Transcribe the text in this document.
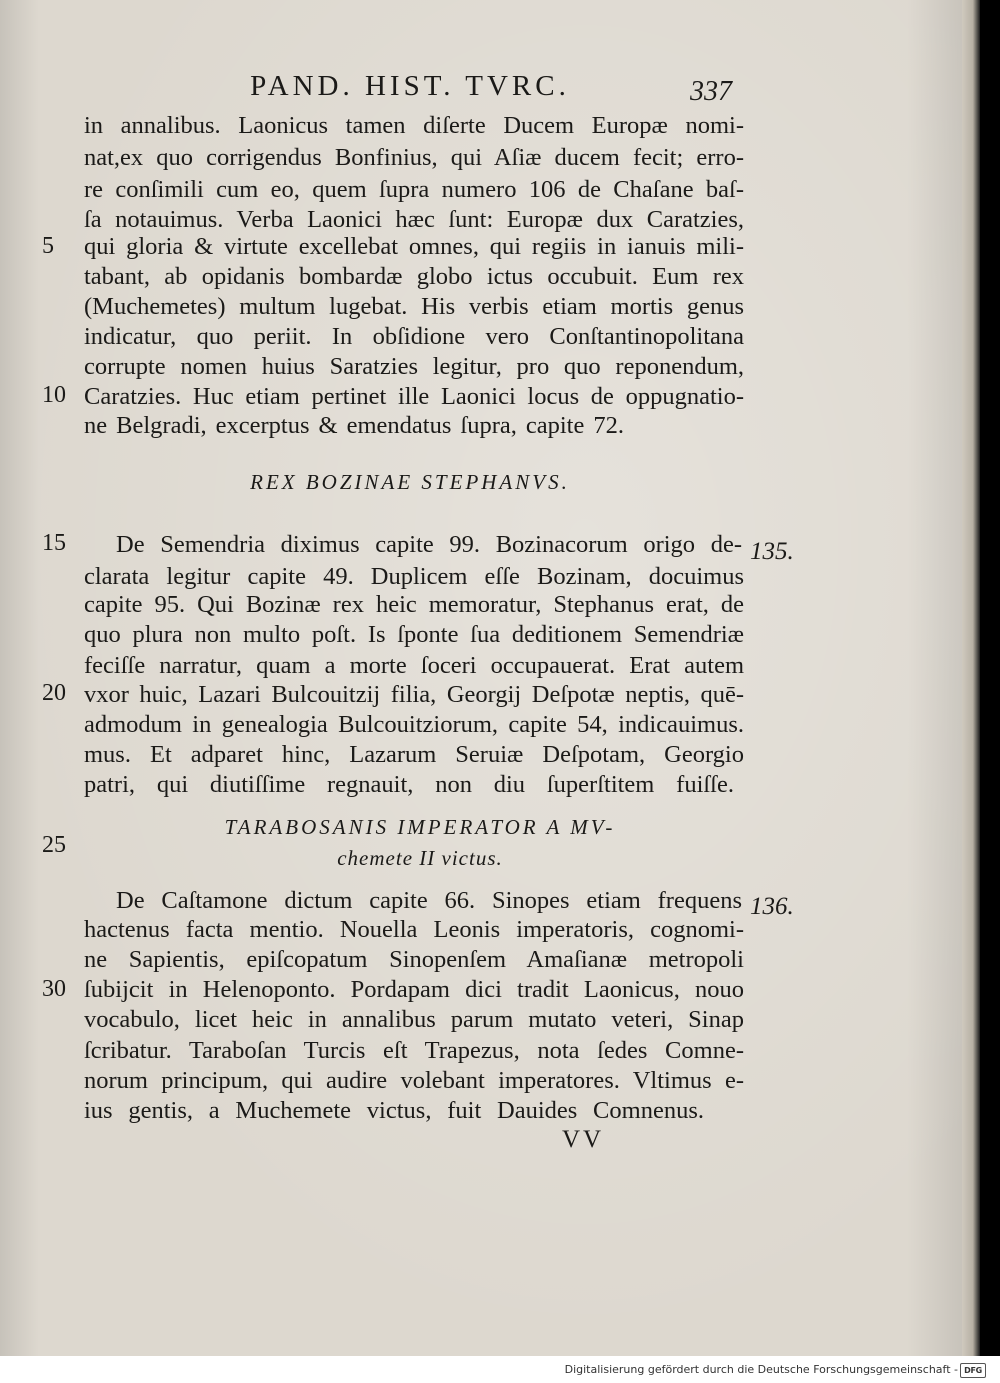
PAND. HIST. TVRC.	337
in annalibus. Laonicus tamen diſerte Ducem Europæ nomi-
nat,ex quo corrigendus Bonfinius, qui Aſiæ ducem fecit; erro-
re conſimili cum eo, quem ſupra numero 106 de Chaſane baſ-
ſa notauimus. Verba Laonici hæc ſunt: Europæ dux Caratzies,
qui gloria & virtute excellebat omnes, qui regiis in ianuis mili-
tabant, ab opidanis bombardæ globo ictus occubuit. Eum rex
(Muchemetes) multum lugebat. His verbis etiam mortis genus
indicatur, quo periit. In obſidione vero Conſtantinopolitana
corrupte nomen huius Saratzies legitur, pro quo reponendum,
Caratzies. Huc etiam pertinet ille Laonici locus de oppugnatio-
ne Belgradi, excerptus & emendatus ſupra, capite 72.
5
10
REX BOZINAE STEPHANVS.
De Semendria diximus capite 99. Bozinacorum origo de-
clarata legitur capite 49. Duplicem eſſe Bozinam, docuimus
capite 95. Qui Bozinæ rex heic memoratur, Stephanus erat, de
quo plura non multo poſt. Is ſponte ſua deditionem Semendriæ
feciſſe narratur, quam a morte ſoceri occupauerat. Erat autem
vxor huic, Lazari Bulcouitzij filia, Georgij Deſpotæ neptis, quē-
admodum in genealogia Bulcouitziorum, capite 54, indicauimus.
mus. Et adparet hinc, Lazarum Seruiæ Deſpotam, Georgio
patri, qui diutiſſime regnauit, non diu ſuperſtitem fuiſſe.
15
20
135.
TARABOSANIS IMPERATOR A MV-
chemete II victus.
25
De Caſtamone dictum capite 66. Sinopes etiam frequens
hactenus facta mentio. Nouella Leonis imperatoris, cognomi-
ne Sapientis, epiſcopatum Sinopenſem Amaſianæ metropoli
ſubijcit in Helenoponto. Pordapam dici tradit Laonicus, nouo
vocabulo, licet heic in annalibus parum mutato veteri, Sinap
ſcribatur. Taraboſan Turcis eſt Trapezus, nota ſedes Comne-
norum principum, qui audire volebant imperatores. Vltimus e-
ius gentis, a Muchemete victus, fuit Dauides Comnenus.
30
136.
VV
Digitalisierung gefördert durch die Deutsche Forschungsgemeinschaft - DFG
